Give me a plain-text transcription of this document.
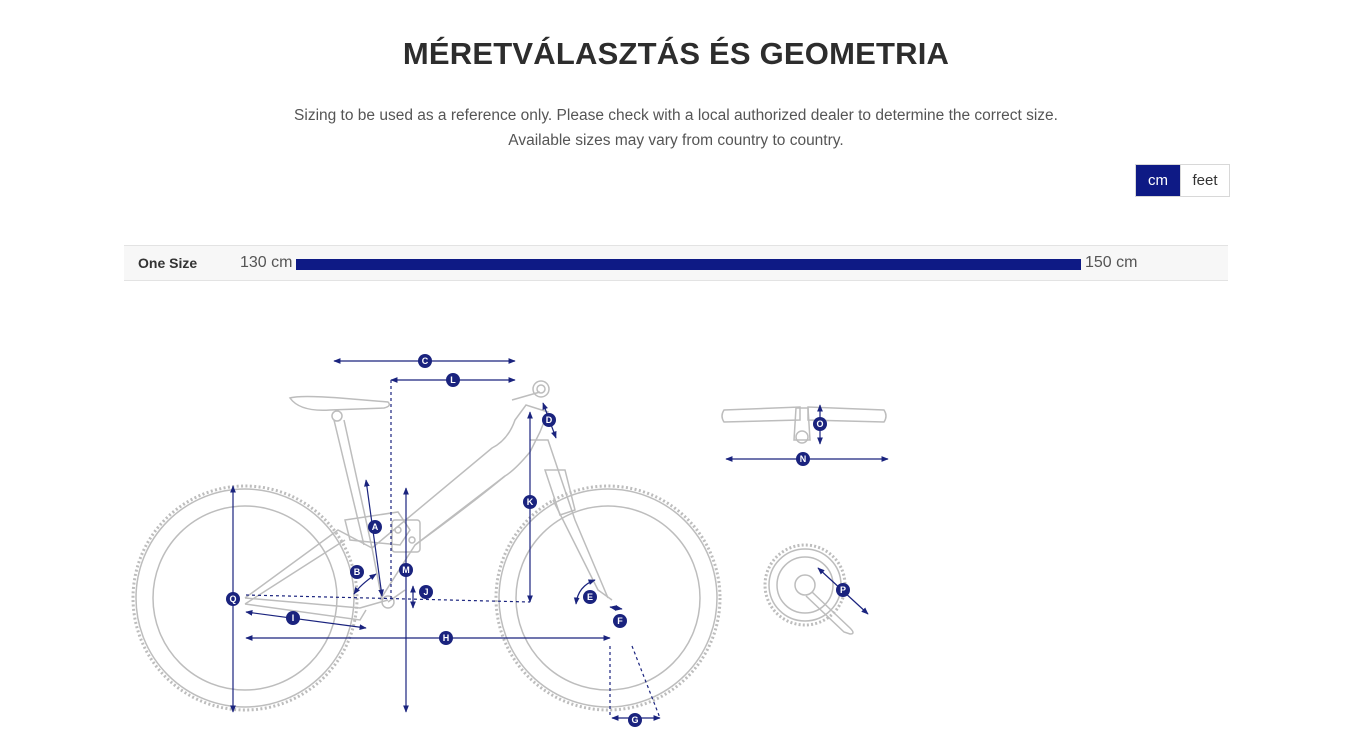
MÉRETVÁLASZTÁS ÉS GEOMETRIA
Sizing to be used as a reference only. Please check with a local authorized dealer to determine the correct size.
Available sizes may vary from country to country.
cm	feet
One Size	130 cm	150 cm
C
L
D
K
A
B	M
J
Q	E
I	F
H
G
O
N
P
